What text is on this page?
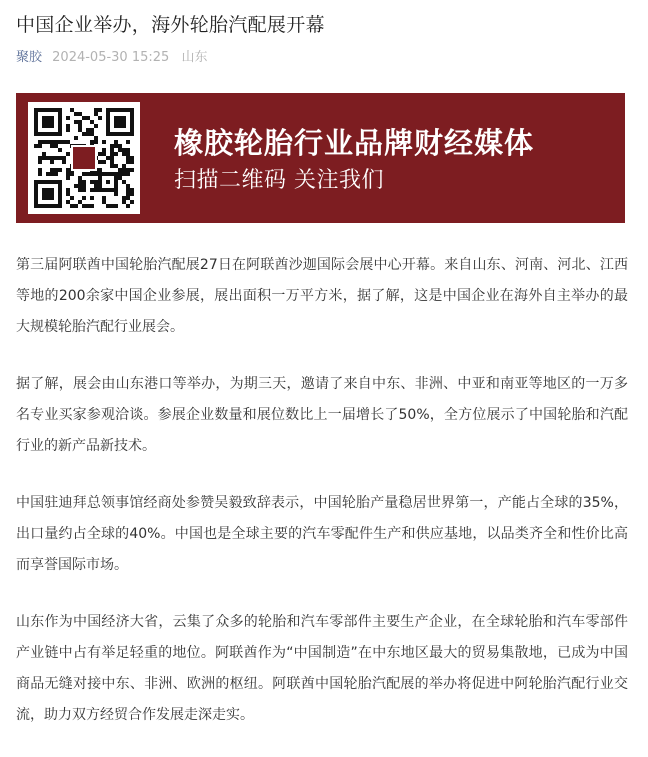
中国企业举办，海外轮胎汽配展开幕
聚胶 2024-05-30 15:25 山东
橡胶轮胎行业品牌财经媒体
扫描二维码 关注我们

第三届阿联酋中国轮胎汽配展27日在阿联酋沙迦国际会展中心开幕。来自山东、河南、河北、江西等地的200余家中国企业参展，展出面积一万平方米，据了解，这是中国企业在海外自主举办的最大规模轮胎汽配行业展会。

据了解，展会由山东港口等举办，为期三天，邀请了来自中东、非洲、中亚和南亚等地区的一万多名专业买家参观洽谈。参展企业数量和展位数比上一届增长了50%，全方位展示了中国轮胎和汽配行业的新产品新技术。

中国驻迪拜总领事馆经商处参赞吴毅致辞表示，中国轮胎产量稳居世界第一，产能占全球的35%，出口量约占全球的40%。中国也是全球主要的汽车零配件生产和供应基地，以品类齐全和性价比高而享誉国际市场。

山东作为中国经济大省，云集了众多的轮胎和汽车零部件主要生产企业，在全球轮胎和汽车零部件产业链中占有举足轻重的地位。阿联酋作为“中国制造”在中东地区最大的贸易集散地，已成为中国商品无缝对接中东、非洲、欧洲的枢纽。阿联酋中国轮胎汽配展的举办将促进中阿轮胎汽配行业交流，助力双方经贸合作发展走深走实。
